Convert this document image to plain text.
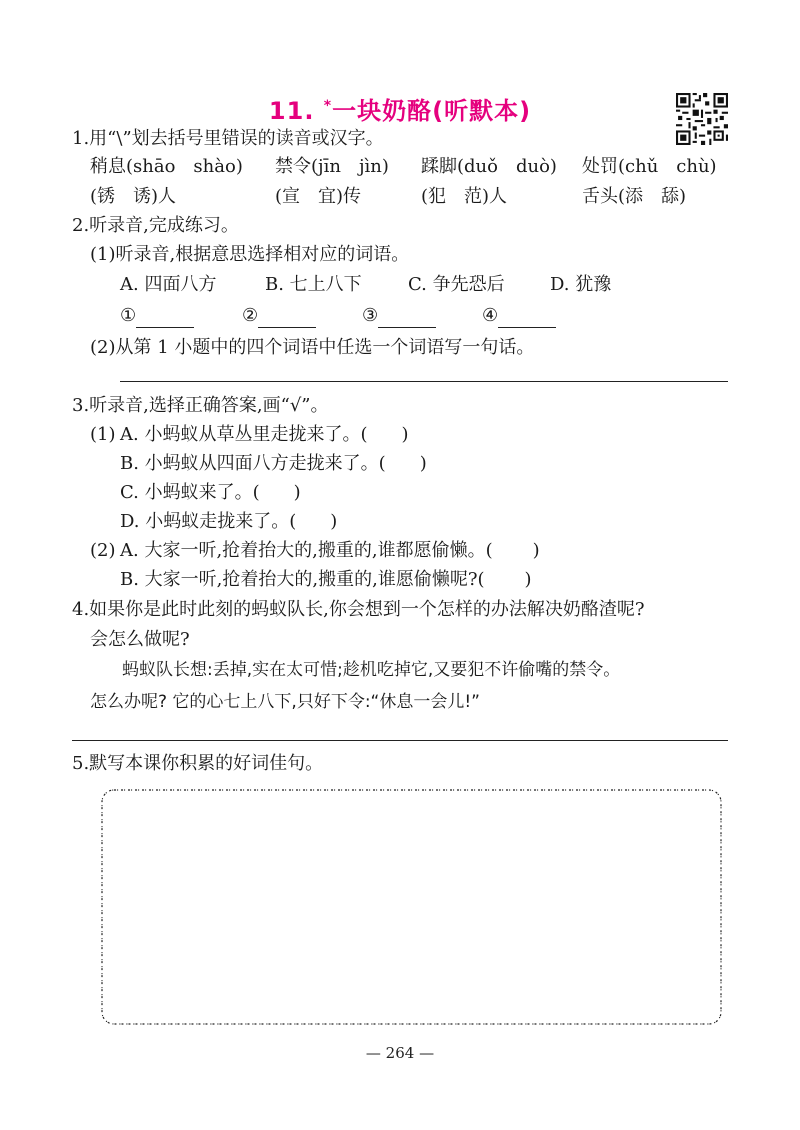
11. *一块奶酪(听默本)
1.用“\”划去括号里错误的读音或汉字。
稍息(shāo　shào) 禁令(jīn　jìn) 蹂脚(duǒ　duò) 处罚(chǔ　chù)
(锈　诱)人	(宣　宜)传	(犯　范)人	舌头(添　舔)
2.听录音,完成练习。
(1)听录音,根据意思选择相对应的词语。
A. 四面八方	B. 七上八下	C. 争先恐后	D. 犹豫
①	②	③	④
(2)从第 1 小题中的四个词语中任选一个词语写一句话。
3.听录音,选择正确答案,画“√”。
(1) A. 小蚂蚁从草丛里走拢来了。( )
B. 小蚂蚁从四面八方走拢来了。( )
C. 小蚂蚁来了。( )
D. 小蚂蚁走拢来了。( )
(2) A. 大家一听,抢着抬大的,搬重的,谁都愿偷懒。( )
B. 大家一听,抢着抬大的,搬重的,谁愿偷懒呢?( )
4.如果你是此时此刻的蚂蚁队长,你会想到一个怎样的办法解决奶酪渣呢?
会怎么做呢?
蚂蚁队长想:丢掉,实在太可惜;趁机吃掉它,又要犯不许偷嘴的禁令。
怎么办呢? 它的心七上八下,只好下令:“休息一会儿!”
5.默写本课你积累的好词佳句。
— 264 —
